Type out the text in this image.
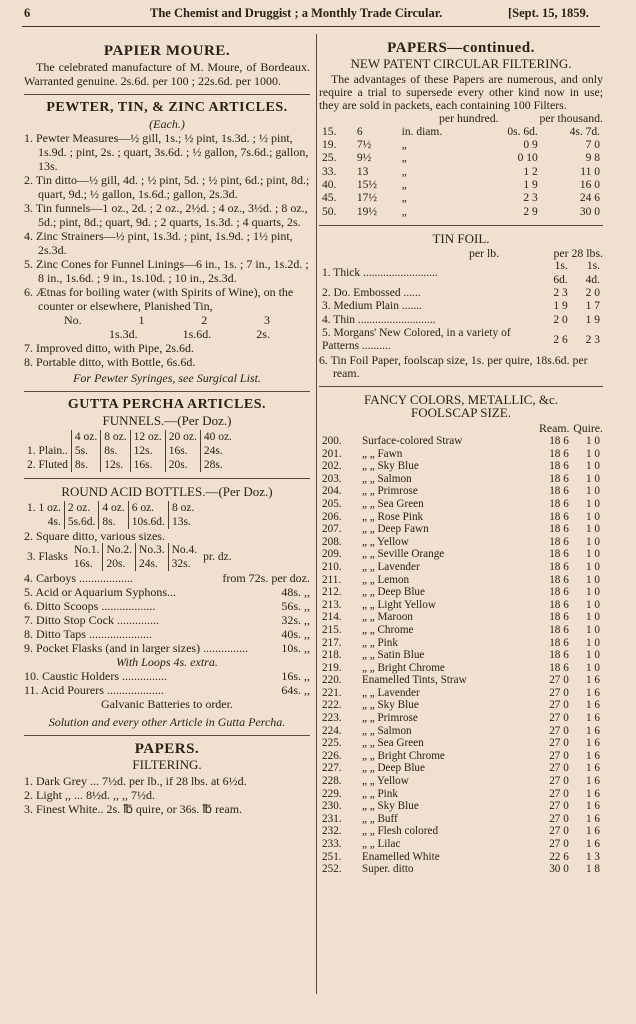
6	The Chemist and Druggist ; a Monthly Trade Circular.	[Sept. 15, 1859.
PAPIER MOURE.

The celebrated manufacture of M. Moure, of Bordeaux. Warranted genuine. 2s.6d. per 100 ; 22s.6d. per 1000.

PEWTER, TIN, & ZINC ARTICLES.
(Each.)

1. Pewter Measures—½ gill, 1s.; ½ pint, 1s.3d. ; ½ pint, 1s.9d. ; pint, 2s. ; quart, 3s.6d. ; ½ gallon, 7s.6d.; gallon, 13s.

2. Tin ditto—½ gill, 4d. ; ½ pint, 5d. ; ½ pint, 6d.; pint, 8d.; quart, 9d.; ½ gallon, 1s.6d.; gallon, 2s.3d.

3. Tin funnels—1 oz., 2d. ; 2 oz., 2½d. ; 4 oz., 3½d. ; 8 oz., 5d.; pint, 8d.; quart, 9d. ; 2 quarts, 1s.3d. ; 4 quarts, 2s.

4. Zinc Strainers—½ pint, 1s.3d. ; pint, 1s.9d. ; 1½ pint, 2s.3d.

5. Zinc Cones for Funnel Linings—6 in., 1s. ; 7 in., 1s.2d. ; 8 in., 1s.6d. ; 9 in., 1s.10d. ; 10 in., 2s.3d.

6. Ætnas for boiling water (with Spirits of Wine), on the counter or elsewhere, Planished Tin,

No.	1	2	3
1s.3d.	1s.6d.	2s.

7. Improved ditto, with Pipe, 2s.6d.

8. Portable ditto, with Bottle, 6s.6d.

For Pewter Syringes, see Surgical List.
GUTTA PERCHA ARTICLES.
FUNNELS.—(Per Doz.)
	4 oz.	8 oz.	12 oz.	20 oz.	40 oz.
1. Plain..	5s.	8s.	12s.	16s.	24s.
2. Fluted	8s.	12s.	16s.	20s.	28s.
ROUND ACID BOTTLES.—(Per Doz.)
1. 1 oz.	2 oz.	4 oz.	6 oz.	8 oz.
4s.	5s.6d.	8s.	10s.6d.	13s.

2. Square ditto, various sizes.

3. Flasks	No.1.	No.2.	No.3.	No.4.	pr. dz.
	16s.	20s.	24s.	32s.	
4. Carboys ..................	from 72s. per doz.
5. Acid or Aquarium Syphons...	48s. ,,
6. Ditto Scoops ..................	56s. ,,
7. Ditto Stop Cock ..............	32s. ,,
8. Ditto Taps .....................	40s. ,,
9. Pocket Flasks (and in larger sizes) ...............	10s. ,,
With Loops 4s. extra.
10. Caustic Holders ...............	16s. ,,
11. Acid Pourers ...................	64s. ,,
Galvanic Batteries to order.
Solution and every other Article in Gutta Percha.
PAPERS.
FILTERING.

1. Dark Grey ... 7½d. per lb., if 28 lbs. at 6½d.

2. Light ,, ... 8½d. ,, ,, 7½d.

3. Finest White.. 2s. ℔ quire, or 36s. ℔ ream.

PAPERS—continued.
NEW PATENT CIRCULAR FILTERING.

The advantages of these Papers are numerous, and only require a trial to supersede every other kind now in use; they are sold in packets, each containing 100 Filters.

per hundred.	per thousand.
15.	6	in. diam.	0s. 6d.	4s. 7d.
19.	7½	„	0 9	7 0
25.	9½	„	0 10	9 8
33.	13	„	1 2	11 0
40.	15½	„	1 9	16 0
45.	17½	„	2 3	24 6
50.	19½	„	2 9	30 0
TIN FOIL.
per lb.	per 28 lbs.
1. Thick ..........................	1s. 6d.	1s. 4d.
2. Do. Embossed ......	2 3	2 0
3. Medium Plain .......	1 9	1 7
4. Thin ...........................	2 0	1 9
5. Morgans' New Colored, in a variety of Patterns ..........	2 6	2 3

6. Tin Foil Paper, foolscap size, 1s. per quire, 18s.6d. per ream.

FANCY COLORS, METALLIC, &c. FOOLSCAP SIZE.
Ream. Quire.
200.	Surface-colored Straw	18 6	1 0
201.	„ „ Fawn	18 6	1 0
202.	„ „ Sky Blue	18 6	1 0
203.	„ „ Salmon	18 6	1 0
204.	„ „ Primrose	18 6	1 0
205.	„ „ Sea Green	18 6	1 0
206.	„ „ Rose Pink	18 6	1 0
207.	„ „ Deep Fawn	18 6	1 0
208.	„ „ Yellow	18 6	1 0
209.	„ „ Seville Orange	18 6	1 0
210.	„ „ Lavender	18 6	1 0
211.	„ „ Lemon	18 6	1 0
212.	„ „ Deep Blue	18 6	1 0
213.	„ „ Light Yellow	18 6	1 0
214.	„ „ Maroon	18 6	1 0
215.	„ „ Chrome	18 6	1 0
217.	„ „ Pink	18 6	1 0
218.	„ „ Satin Blue	18 6	1 0
219.	„ „ Bright Chrome	18 6	1 0
220.	Enamelled Tints, Straw	27 0	1 6
221.	„ „ Lavender	27 0	1 6
222.	„ „ Sky Blue	27 0	1 6
223.	„ „ Primrose	27 0	1 6
224.	„ „ Salmon	27 0	1 6
225.	„ „ Sea Green	27 0	1 6
226.	„ „ Bright Chrome	27 0	1 6
227.	„ „ Deep Blue	27 0	1 6
228.	„ „ Yellow	27 0	1 6
229.	„ „ Pink	27 0	1 6
230.	„ „ Sky Blue	27 0	1 6
231.	„ „ Buff	27 0	1 6
232.	„ „ Flesh colored	27 0	1 6
233.	„ „ Lilac	27 0	1 6
251.	Enamelled White	22 6	1 3
252.	Super. ditto	30 0	1 8
